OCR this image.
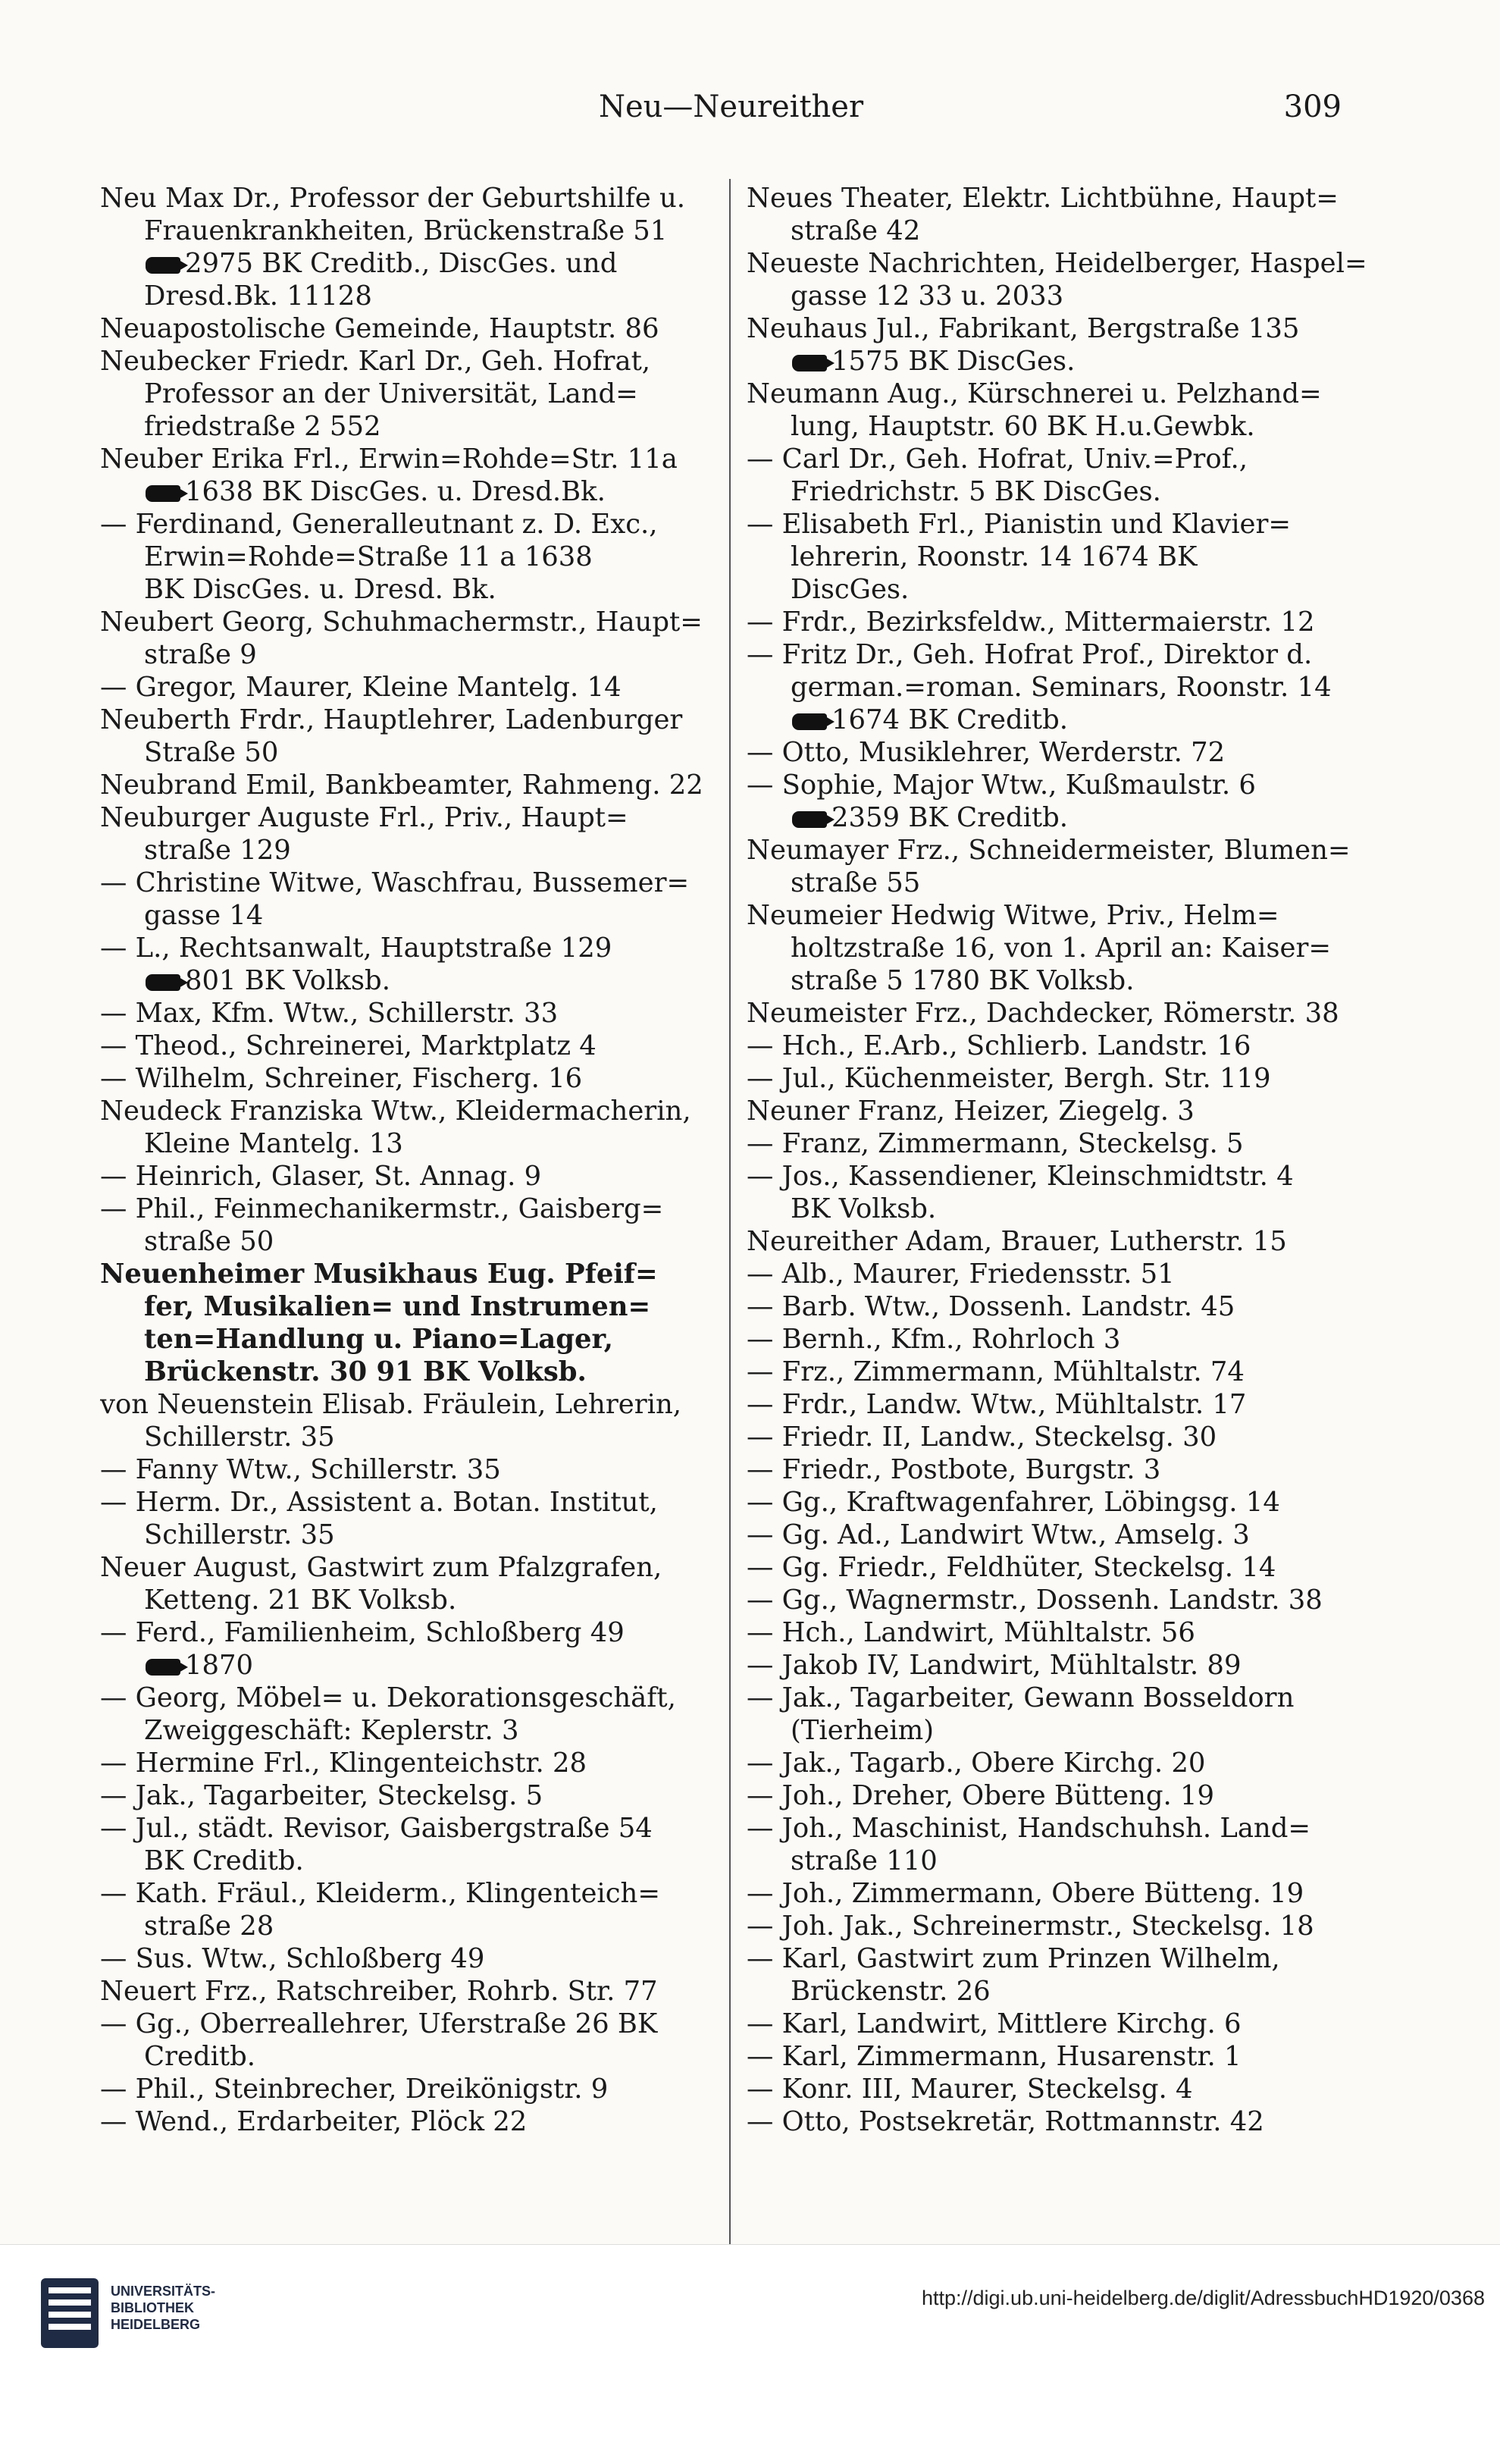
Neu—Neureither	309
Neu Max Dr., Professor der Geburtshilfe u.
Frauenkrankheiten, Brückenstraße 51
2975 BK Creditb., DiscGes. und
Dresd.Bk. 11128
Neuapostolische Gemeinde, Hauptstr. 86
Neubecker Friedr. Karl Dr., Geh. Hofrat,
Professor an der Universität, Land=
friedstraße 2 552
Neuber Erika Frl., Erwin=Rohde=Str. 11a
1638 BK DiscGes. u. Dresd.Bk.
— Ferdinand, Generalleutnant z. D. Exc.,
Erwin=Rohde=Straße 11 a 1638
BK DiscGes. u. Dresd. Bk.
Neubert Georg, Schuhmachermstr., Haupt=
straße 9
— Gregor, Maurer, Kleine Mantelg. 14
Neuberth Frdr., Hauptlehrer, Ladenburger
Straße 50
Neubrand Emil, Bankbeamter, Rahmeng. 22
Neuburger Auguste Frl., Priv., Haupt=
straße 129
— Christine Witwe, Waschfrau, Bussemer=
gasse 14
— L., Rechtsanwalt, Hauptstraße 129
801 BK Volksb.
— Max, Kfm. Wtw., Schillerstr. 33
— Theod., Schreinerei, Marktplatz 4
— Wilhelm, Schreiner, Fischerg. 16
Neudeck Franziska Wtw., Kleidermacherin,
Kleine Mantelg. 13
— Heinrich, Glaser, St. Annag. 9
— Phil., Feinmechanikermstr., Gaisberg=
straße 50
Neuenheimer Musikhaus Eug. Pfeif=
fer, Musikalien= und Instrumen=
ten=Handlung u. Piano=Lager,
Brückenstr. 30 91 BK Volksb.
von Neuenstein Elisab. Fräulein, Lehrerin,
Schillerstr. 35
— Fanny Wtw., Schillerstr. 35
— Herm. Dr., Assistent a. Botan. Institut,
Schillerstr. 35
Neuer August, Gastwirt zum Pfalzgrafen,
Ketteng. 21 BK Volksb.
— Ferd., Familienheim, Schloßberg 49
1870
— Georg, Möbel= u. Dekorationsgeschäft,
Zweiggeschäft: Keplerstr. 3
— Hermine Frl., Klingenteichstr. 28
— Jak., Tagarbeiter, Steckelsg. 5
— Jul., städt. Revisor, Gaisbergstraße 54
BK Creditb.
— Kath. Fräul., Kleiderm., Klingenteich=
straße 28
— Sus. Wtw., Schloßberg 49
Neuert Frz., Ratschreiber, Rohrb. Str. 77
— Gg., Oberreallehrer, Uferstraße 26 BK
Creditb.
— Phil., Steinbrecher, Dreikönigstr. 9
— Wend., Erdarbeiter, Plöck 22
Neues Theater, Elektr. Lichtbühne, Haupt=
straße 42
Neueste Nachrichten, Heidelberger, Haspel=
gasse 12 33 u. 2033
Neuhaus Jul., Fabrikant, Bergstraße 135
1575 BK DiscGes.
Neumann Aug., Kürschnerei u. Pelzhand=
lung, Hauptstr. 60 BK H.u.Gewbk.
— Carl Dr., Geh. Hofrat, Univ.=Prof.,
Friedrichstr. 5 BK DiscGes.
— Elisabeth Frl., Pianistin und Klavier=
lehrerin, Roonstr. 14 1674 BK
DiscGes.
— Frdr., Bezirksfeldw., Mittermaierstr. 12
— Fritz Dr., Geh. Hofrat Prof., Direktor d.
german.=roman. Seminars, Roonstr. 14
1674 BK Creditb.
— Otto, Musiklehrer, Werderstr. 72
— Sophie, Major Wtw., Kußmaulstr. 6
2359 BK Creditb.
Neumayer Frz., Schneidermeister, Blumen=
straße 55
Neumeier Hedwig Witwe, Priv., Helm=
holtzstraße 16, von 1. April an: Kaiser=
straße 5 1780 BK Volksb.
Neumeister Frz., Dachdecker, Römerstr. 38
— Hch., E.Arb., Schlierb. Landstr. 16
— Jul., Küchenmeister, Bergh. Str. 119
Neuner Franz, Heizer, Ziegelg. 3
— Franz, Zimmermann, Steckelsg. 5
— Jos., Kassendiener, Kleinschmidtstr. 4
BK Volksb.
Neureither Adam, Brauer, Lutherstr. 15
— Alb., Maurer, Friedensstr. 51
— Barb. Wtw., Dossenh. Landstr. 45
— Bernh., Kfm., Rohrloch 3
— Frz., Zimmermann, Mühltalstr. 74
— Frdr., Landw. Wtw., Mühltalstr. 17
— Friedr. II, Landw., Steckelsg. 30
— Friedr., Postbote, Burgstr. 3
— Gg., Kraftwagenfahrer, Löbingsg. 14
— Gg. Ad., Landwirt Wtw., Amselg. 3
— Gg. Friedr., Feldhüter, Steckelsg. 14
— Gg., Wagnermstr., Dossenh. Landstr. 38
— Hch., Landwirt, Mühltalstr. 56
— Jakob IV, Landwirt, Mühltalstr. 89
— Jak., Tagarbeiter, Gewann Bosseldorn
(Tierheim)
— Jak., Tagarb., Obere Kirchg. 20
— Joh., Dreher, Obere Bütteng. 19
— Joh., Maschinist, Handschuhsh. Land=
straße 110
— Joh., Zimmermann, Obere Bütteng. 19
— Joh. Jak., Schreinermstr., Steckelsg. 18
— Karl, Gastwirt zum Prinzen Wilhelm,
Brückenstr. 26
— Karl, Landwirt, Mittlere Kirchg. 6
— Karl, Zimmermann, Husarenstr. 1
— Konr. III, Maurer, Steckelsg. 4
— Otto, Postsekretär, Rottmannstr. 42
UNIVERSITÄTS-
BIBLIOTHEK
HEIDELBERG
http://digi.ub.uni-heidelberg.de/diglit/AdressbuchHD1920/0368
